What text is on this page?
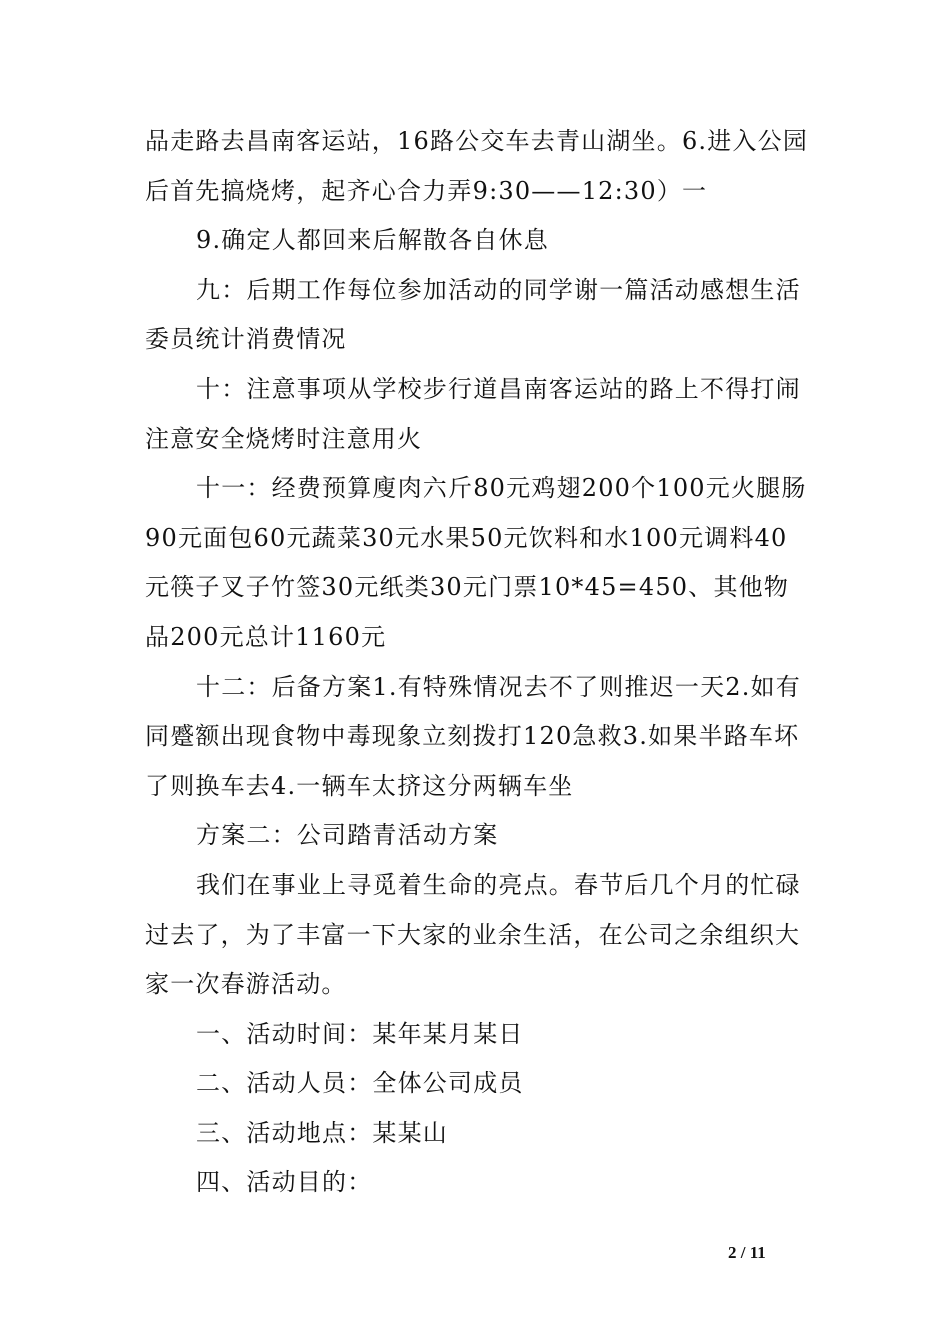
品走路去昌南客运站，16路公交车去青山湖坐。6.进入公园后首先搞烧烤，起齐心合力弄9:30——12:30）一

9.确定人都回来后解散各自休息

九：后期工作每位参加活动的同学谢一篇活动感想生活委员统计消费情况

十：注意事项从学校步行道昌南客运站的路上不得打闹注意安全烧烤时注意用火

十一：经费预算廋肉六斤80元鸡翅200个100元火腿肠90元面包60元蔬菜30元水果50元饮料和水100元调料40元筷子叉子竹签30元纸类30元门票10*45=450、其他物品200元总计1160元

十二：后备方案1.有特殊情况去不了则推迟一天2.如有同蹙额出现食物中毒现象立刻拨打120急救3.如果半路车坏了则换车去4.一辆车太挤这分两辆车坐

方案二：公司踏青活动方案

我们在事业上寻觅着生命的亮点。春节后几个月的忙碌过去了，为了丰富一下大家的业余生活，在公司之余组织大家一次春游活动。

一、活动时间：某年某月某日

二、活动人员：全体公司成员

三、活动地点：某某山

四、活动目的：

2 / 11
